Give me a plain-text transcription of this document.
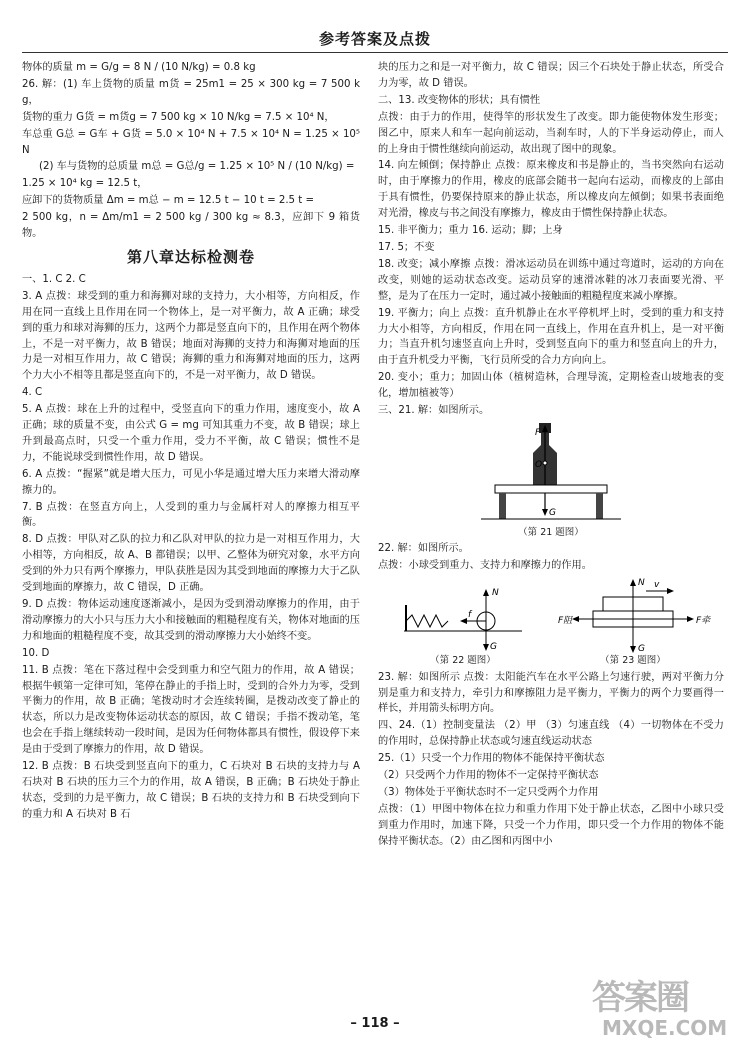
参考答案及点拨

物体的质量 m = G/g = 8 N / (10 N/kg) = 0.8 kg

26. 解：(1) 车上货物的质量 m货 = 25m1 = 25 × 300 kg = 7 500 kg，

货物的重力 G货 = m货g = 7 500 kg × 10 N/kg = 7.5 × 10⁴ N，

车总重 G总 = G车 + G货 = 5.0 × 10⁴ N + 7.5 × 10⁴ N = 1.25 × 10⁵ N

(2) 车与货物的总质量 m总 = G总/g = 1.25 × 10⁵ N / (10 N/kg) =

1.25 × 10⁴ kg = 12.5 t，

应卸下的货物质量 Δm = m总 − m = 12.5 t − 10 t = 2.5 t =

2 500 kg，n = Δm/m1 = 2 500 kg / 300 kg ≈ 8.3，应卸下 9 箱货物。

第八章达标检测卷

一、1. C 2. C

3. A 点拨：球受到的重力和海狮对球的支持力，大小相等，方向相反，作用在同一直线上且作用在同一个物体上，是一对平衡力，故 A 正确；球受到的重力和球对海狮的压力，这两个力都是竖直向下的，且作用在两个物体上，不是一对平衡力，故 B 错误；地面对海狮的支持力和海狮对地面的压力是一对相互作用力，故 C 错误；海狮的重力和海狮对地面的压力，这两个力大小不相等且都是竖直向下的，不是一对平衡力，故 D 错误。

4. C

5. A 点拨：球在上升的过程中，受竖直向下的重力作用，速度变小，故 A 正确；球的质量不变，由公式 G = mg 可知其重力不变，故 B 错误；球上升到最高点时，只受一个重力作用，受力不平衡，故 C 错误；惯性不是力，不能说球受到惯性作用，故 D 错误。

6. A 点拨：“握紧”就是增大压力，可见小华是通过增大压力来增大滑动摩擦力的。

7. B 点拨：在竖直方向上，人受到的重力与金属杆对人的摩擦力相互平衡。

8. D 点拨：甲队对乙队的拉力和乙队对甲队的拉力是一对相互作用力，大小相等，方向相反，故 A、B 都错误；以甲、乙整体为研究对象，水平方向受到的外力只有两个摩擦力，甲队获胜是因为其受到地面的摩擦力大于乙队受到地面的摩擦力，故 C 错误，D 正确。

9. D 点拨：物体运动速度逐渐减小，是因为受到滑动摩擦力的作用，由于滑动摩擦力的大小只与压力大小和接触面的粗糙程度有关，物体对地面的压力和地面的粗糙程度不变，故其受到的滑动摩擦力大小始终不变。

10. D

11. B 点拨：笔在下落过程中会受到重力和空气阻力的作用，故 A 错误；根据牛顿第一定律可知，笔停在静止的手指上时，受到的合外力为零，受到平衡力的作用，故 B 正确；笔拨动时才会连续转圈，是拨动改变了静止的状态，所以力是改变物体运动状态的原因，故 C 错误；手指不拨动笔，笔也会在手指上继续转动一段时间，是因为任何物体都具有惯性，假设停下来是由于受到了摩擦力的作用，故 D 错误。

12. B 点拨：B 石块受到竖直向下的重力，C 石块对 B 石块的支持力与 A 石块对 B 石块的压力三个力的作用，故 A 错误，B 正确；B 石块处于静止状态，受到的力是平衡力，故 C 错误；B 石块的支持力和 B 石块受到向下的重力和 A 石块对 B 石

块的压力之和是一对平衡力，故 C 错误；因三个石块处于静止状态，所受合力为零，故 D 错误。

二、13. 改变物体的形状；具有惯性

点拨：由于力的作用，使得竿的形状发生了改变。即力能使物体发生形变；图乙中，原来人和车一起向前运动，当刹车时，人的下半身运动停止，而人的上身由于惯性继续向前运动，故出现了图中的现象。

14. 向左倾倒；保持静止 点拨：原来橡皮和书是静止的，当书突然向右运动时，由于摩擦力的作用，橡皮的底部会随书一起向右运动，而橡皮的上部由于具有惯性，仍要保持原来的静止状态，所以橡皮向左倾倒；如果书表面绝对光滑，橡皮与书之间没有摩擦力，橡皮由于惯性保持静止状态。

15. 非平衡力；重力 16. 运动；脚；上身

17. 5；不变

18. 改变；减小摩擦 点拨：滑冰运动员在训练中通过弯道时，运动的方向在改变，则她的运动状态改变。运动员穿的速滑冰鞋的冰刀表面要光滑、平整，是为了在压力一定时，通过减小接触面的粗糙程度来减小摩擦。

19. 平衡力；向上 点拨：直升机静止在水平停机坪上时，受到的重力和支持力大小相等，方向相反，作用在同一直线上，作用在直升机上，是一对平衡力；当直升机匀速竖直向上升时，受到竖直向下的重力和竖直向上的升力，由于直升机受力平衡，飞行员所受的合力方向向上。

20. 变小；重力；加固山体（植树造林，合理导流，定期检查山坡地表的变化，增加植被等）

三、21. 解：如图所示。

F
O
G
（第 21 题图）

22. 解：如图所示。

点拨：小球受到重力、支持力和摩擦力的作用。

N
G
f
（第 22 题图）
N
G
v
F阻	F牵
（第 23 题图）

23. 解：如图所示 点拨：太阳能汽车在水平公路上匀速行驶，两对平衡力分别是重力和支持力，牵引力和摩擦阻力是平衡力，平衡力的两个力要画得一样长，并用箭头标明方向。

四、24.（1）控制变量法 （2）甲 （3）匀速直线 （4）一切物体在不受力的作用时，总保持静止状态或匀速直线运动状态

25.（1）只受一个力作用的物体不能保持平衡状态

（2）只受两个力作用的物体不一定保持平衡状态

（3）物体处于平衡状态时不一定只受两个力作用

点拨：（1）甲图中物体在拉力和重力作用下处于静止状态，乙图中小球只受到重力作用时，加速下降，只受一个力作用，即只受一个力作用的物体不能保持平衡状态。（2）由乙图和丙图中小

– 118 –
答案圈
MXQE.COM
